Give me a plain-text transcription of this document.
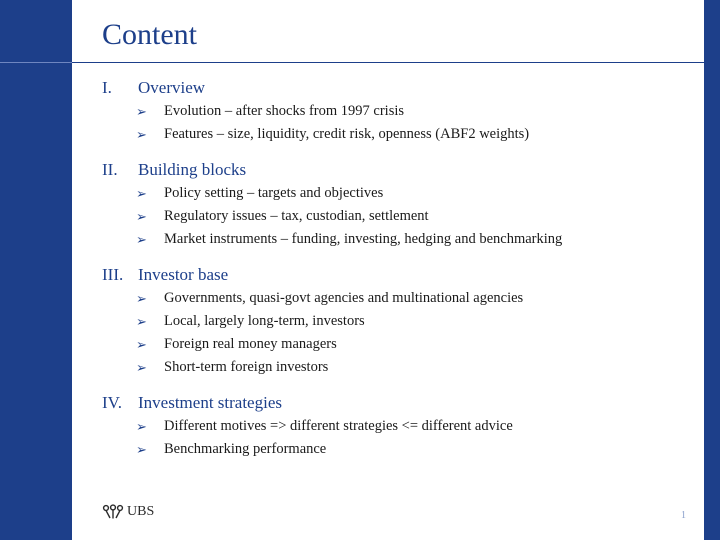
Content
I.	Overview
➢	Evolution – after shocks from 1997 crisis
➢	Features – size, liquidity, credit risk, openness (ABF2 weights)
II.	Building blocks
➢	Policy setting – targets and objectives
➢	Regulatory issues – tax, custodian, settlement
➢	Market instruments – funding, investing, hedging and benchmarking
III. Investor base
➢	Governments, quasi-govt agencies and multinational agencies
➢	Local, largely long-term, investors
➢	Foreign real money managers
➢	Short-term foreign investors
IV. Investment strategies
➢	Different motives => different strategies <= different advice
➢	Benchmarking performance
UBS	1
